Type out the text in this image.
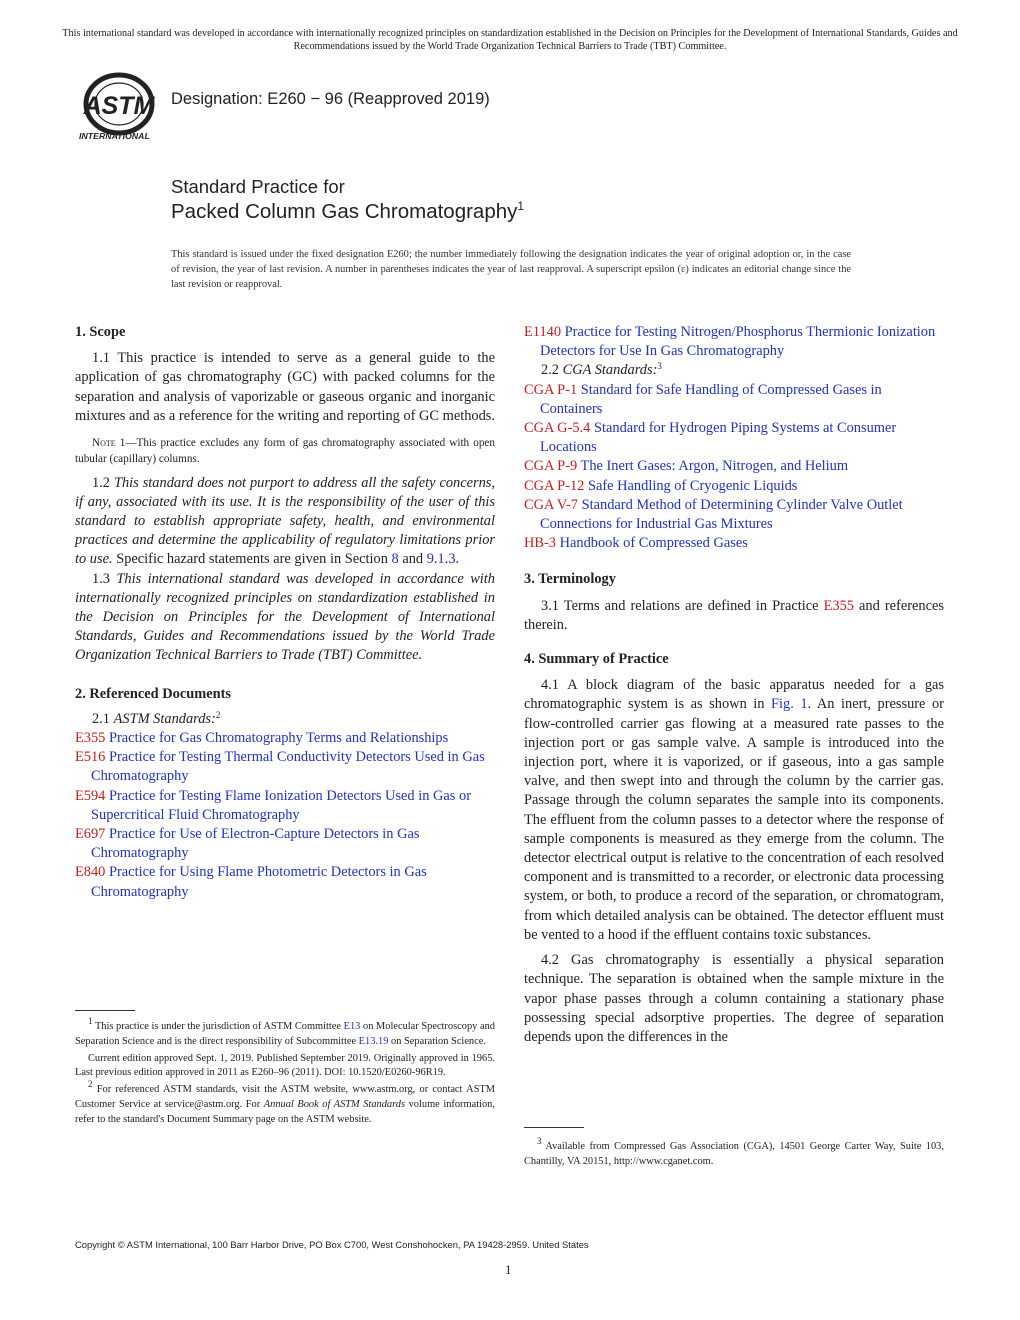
This international standard was developed in accordance with internationally recognized principles on standardization established in the Decision on Principles for the Development of International Standards, Guides and Recommendations issued by the World Trade Organization Technical Barriers to Trade (TBT) Committee.
ASTM
INTERNATIONAL
Designation: E260 − 96 (Reapproved 2019)
Standard Practice for
Packed Column Gas Chromatography$^1$
This standard is issued under the fixed designation E260; the number immediately following the designation indicates the year of original adoption or, in the case of revision, the year of last revision. A number in parentheses indicates the year of last reapproval. A superscript epsilon (ε) indicates an editorial change since the last revision or reapproval.
1. Scope

1.1 This practice is intended to serve as a general guide to the application of gas chromatography (GC) with packed columns for the separation and analysis of vaporizable or gaseous organic and inorganic mixtures and as a reference for the writing and reporting of GC methods.

Note 1—This practice excludes any form of gas chromatography associated with open tubular (capillary) columns.

1.2 This standard does not purport to address all the safety concerns, if any, associated with its use. It is the responsibility of the user of this standard to establish appropriate safety, health, and environmental practices and determine the applicability of regulatory limitations prior to use. Specific hazard statements are given in Section 8 and 9.1.3.

1.3 This international standard was developed in accordance with internationally recognized principles on standardization established in the Decision on Principles for the Development of International Standards, Guides and Recommendations issued by the World Trade Organization Technical Barriers to Trade (TBT) Committee.

2. Referenced Documents

2.1 ASTM Standards:$^2$

E355 Practice for Gas Chromatography Terms and Relationships

E516 Practice for Testing Thermal Conductivity Detectors Used in Gas Chromatography

E594 Practice for Testing Flame Ionization Detectors Used in Gas or Supercritical Fluid Chromatography

E697 Practice for Use of Electron-Capture Detectors in Gas Chromatography

E840 Practice for Using Flame Photometric Detectors in Gas Chromatography

E1140 Practice for Testing Nitrogen/Phosphorus Thermionic Ionization Detectors for Use In Gas Chromatography

2.2 CGA Standards:$^3$

CGA P-1 Standard for Safe Handling of Compressed Gases in Containers

CGA G-5.4 Standard for Hydrogen Piping Systems at Consumer Locations

CGA P-9 The Inert Gases: Argon, Nitrogen, and Helium

CGA P-12 Safe Handling of Cryogenic Liquids

CGA V-7 Standard Method of Determining Cylinder Valve Outlet Connections for Industrial Gas Mixtures

HB-3 Handbook of Compressed Gases

3. Terminology

3.1 Terms and relations are defined in Practice E355 and references therein.

4. Summary of Practice

4.1 A block diagram of the basic apparatus needed for a gas chromatographic system is as shown in Fig. 1. An inert, pressure or flow-controlled carrier gas flowing at a measured rate passes to the injection port or gas sample valve. A sample is introduced into the injection port, where it is vaporized, or if gaseous, into a gas sample valve, and then swept into and through the column by the carrier gas. Passage through the column separates the sample into its components. The effluent from the column passes to a detector where the response of sample components is measured as they emerge from the column. The detector electrical output is relative to the concentration of each resolved component and is transmitted to a recorder, or electronic data processing system, or both, to produce a record of the separation, or chromatogram, from which detailed analysis can be obtained. The detector effluent must be vented to a hood if the effluent contains toxic substances.

4.2 Gas chromatography is essentially a physical separation technique. The separation is obtained when the sample mixture in the vapor phase passes through a column containing a stationary phase possessing special adsorptive properties. The degree of separation depends upon the differences in the

$^1$ This practice is under the jurisdiction of ASTM Committee E13 on Molecular Spectroscopy and Separation Science and is the direct responsibility of Subcommittee E13.19 on Separation Science.

Current edition approved Sept. 1, 2019. Published September 2019. Originally approved in 1965. Last previous edition approved in 2011 as E260–96 (2011). DOI: 10.1520/E0260-96R19.

$^2$ For referenced ASTM standards, visit the ASTM website, www.astm.org, or contact ASTM Customer Service at service@astm.org. For Annual Book of ASTM Standards volume information, refer to the standard's Document Summary page on the ASTM website.

$^3$ Available from Compressed Gas Association (CGA), 14501 George Carter Way, Suite 103, Chantilly, VA 20151, http://www.cganet.com.

Copyright © ASTM International, 100 Barr Harbor Drive, PO Box C700, West Conshohocken, PA 19428-2959. United States
1
